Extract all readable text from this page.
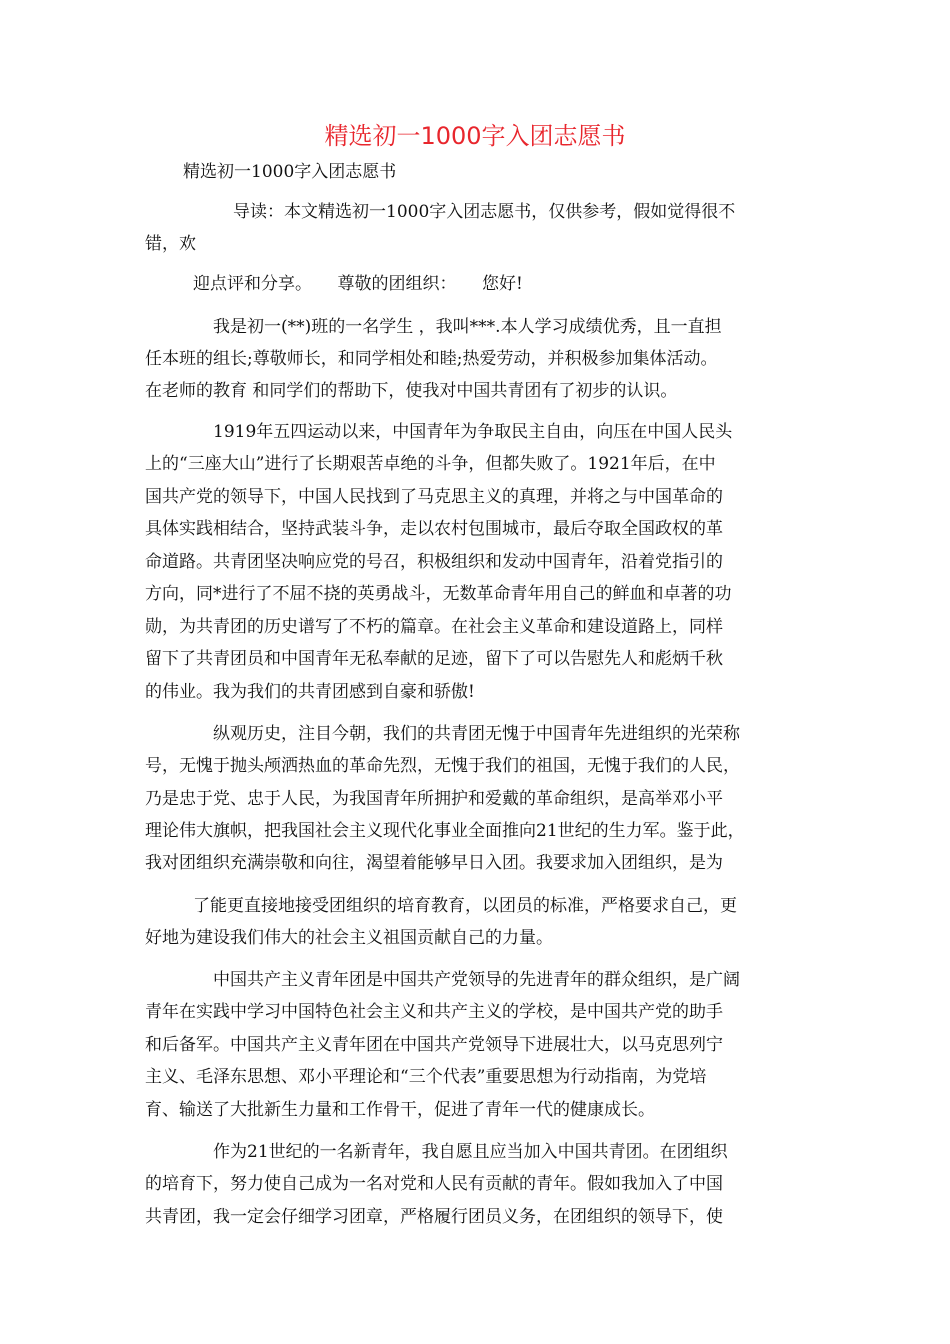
精选初一1000字入团志愿书

精选初一1000字入团志愿书

导读：本文精选初一1000字入团志愿书，仅供参考，假如觉得很不

错，欢

迎点评和分享。　　尊敬的团组织：　　您好!

我是初一(**)班的一名学生 ，我叫***.本人学习成绩优秀，且一直担

任本班的组长;尊敬师长，和同学相处和睦;热爱劳动，并积极参加集体活动。

在老师的教育 和同学们的帮助下，使我对中国共青团有了初步的认识。

1919年五四运动以来，中国青年为争取民主自由，向压在中国人民头

上的“三座大山”进行了长期艰苦卓绝的斗争，但都失败了。1921年后，在中

国共产党的领导下，中国人民找到了马克思主义的真理，并将之与中国革命的

具体实践相结合，坚持武装斗争，走以农村包围城市，最后夺取全国政权的革

命道路。共青团坚决响应党的号召，积极组织和发动中国青年，沿着党指引的

方向，同*进行了不屈不挠的英勇战斗，无数革命青年用自己的鲜血和卓著的功

勋，为共青团的历史谱写了不朽的篇章。在社会主义革命和建设道路上，同样

留下了共青团员和中国青年无私奉献的足迹，留下了可以告慰先人和彪炳千秋

的伟业。我为我们的共青团感到自豪和骄傲!

纵观历史，注目今朝，我们的共青团无愧于中国青年先进组织的光荣称

号，无愧于抛头颅洒热血的革命先烈，无愧于我们的祖国，无愧于我们的人民，

乃是忠于党、忠于人民，为我国青年所拥护和爱戴的革命组织，是高举邓小平

理论伟大旗帜，把我国社会主义现代化事业全面推向21世纪的生力军。鉴于此，

我对团组织充满崇敬和向往，渴望着能够早日入团。我要求加入团组织，是为

了能更直接地接受团组织的培育教育，以团员的标准，严格要求自己，更

好地为建设我们伟大的社会主义祖国贡献自己的力量。

中国共产主义青年团是中国共产党领导的先进青年的群众组织，是广阔

青年在实践中学习中国特色社会主义和共产主义的学校，是中国共产党的助手

和后备军。中国共产主义青年团在中国共产党领导下进展壮大，以马克思列宁

主义、毛泽东思想、邓小平理论和“三个代表”重要思想为行动指南，为党培

育、输送了大批新生力量和工作骨干，促进了青年一代的健康成长。

作为21世纪的一名新青年，我自愿且应当加入中国共青团。在团组织

的培育下，努力使自己成为一名对党和人民有贡献的青年。假如我加入了中国

共青团，我一定会仔细学习团章，严格履行团员义务，在团组织的领导下，使
